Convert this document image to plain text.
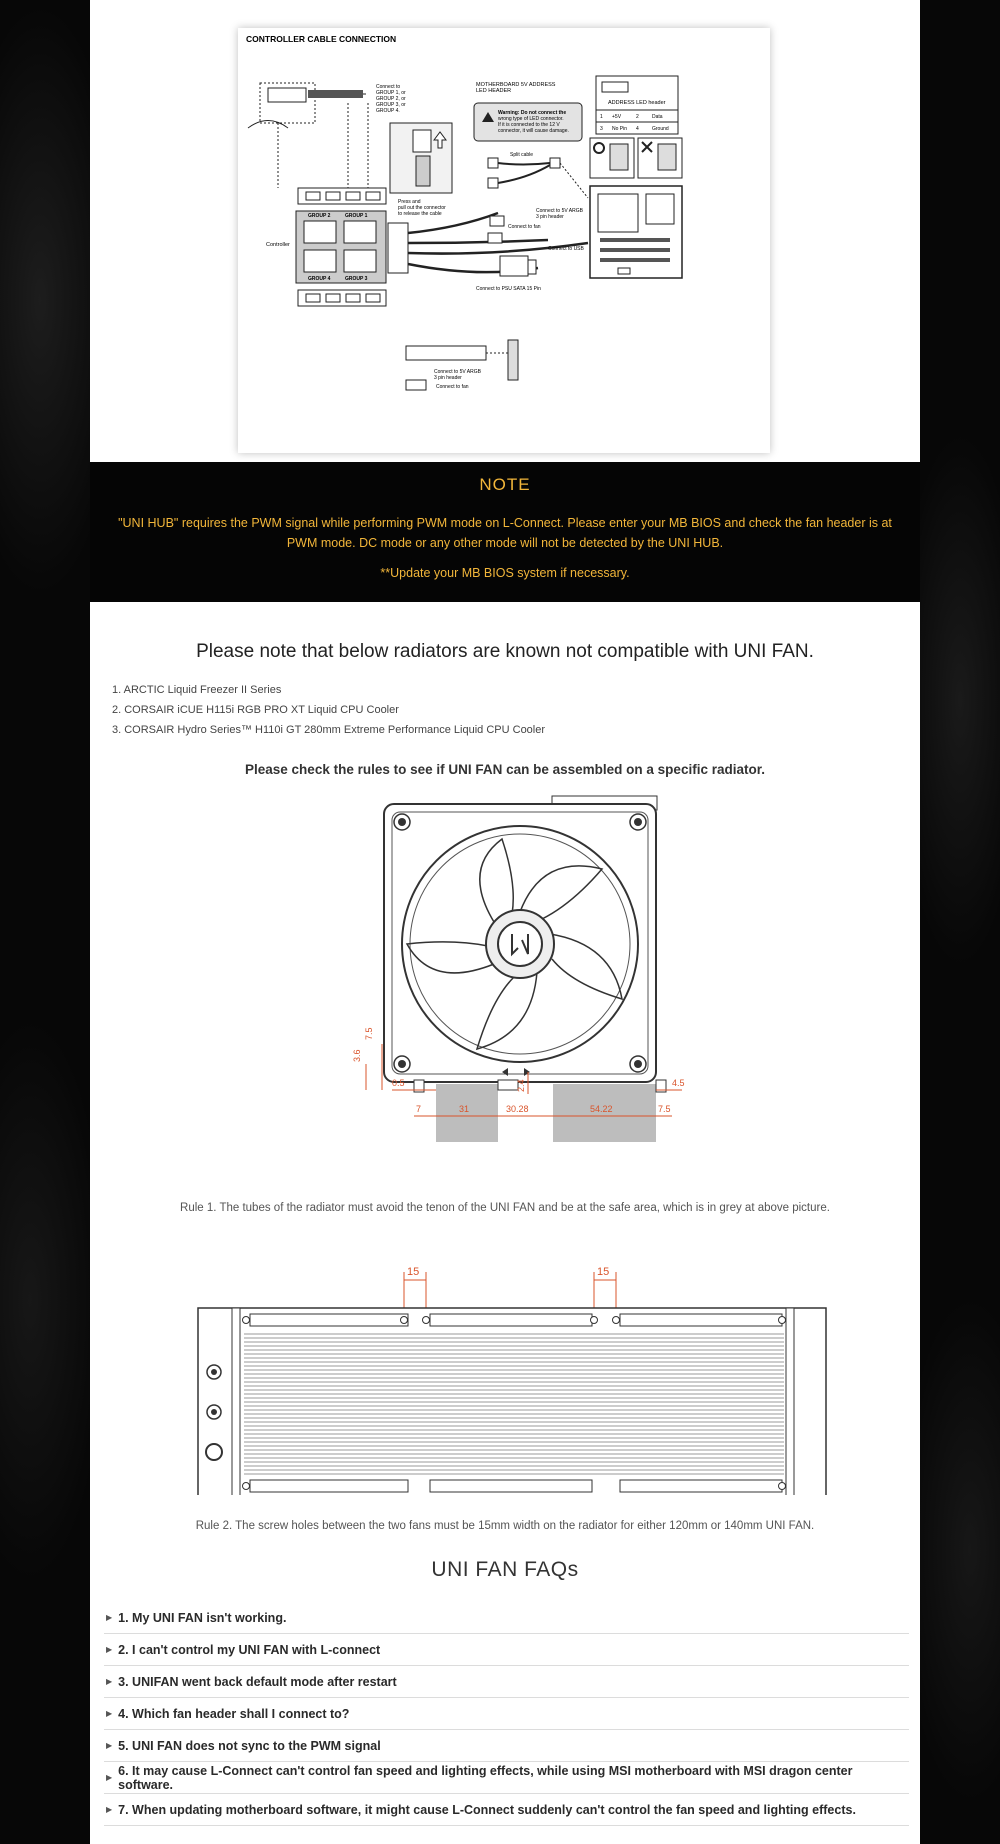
CONTROLLER CABLE CONNECTION
Connect to
GROUP 1, or
GROUP 2, or
GROUP 3, or
GROUP 4.
Press and
pull out the connector
to release the cable
MOTHERBOARD 5V ADDRESS
LED HEADER
Warning: Do not connect the
wrong type of LED connector.
If it is connected to the 12 V
connector, it will cause damage.
ADDRESS LED header
1 +5V	2	Data
3 No Pin 4	Ground
Split cable
Controller
GROUP 2	GROUP 1
GROUP 4	GROUP 3
Connect to 5V ARGB
3 pin header
Connect to fan
Connect to USB
Connect to PSU SATA 15 Pin
Connect to 5V ARGB
3 pin header
Connect to fan
NOTE
"UNI HUB" requires the PWM signal while performing PWM mode on L-Connect. Please enter your MB BIOS and check the fan header is at PWM mode. DC mode or any other mode will not be detected by the UNI HUB.
**Update your MB BIOS system if necessary.
Please note that below radiators are known not compatible with UNI FAN.
1. ARCTIC Liquid Freezer II Series
2. CORSAIR iCUE H115i RGB PRO XT Liquid CPU Cooler
3. CORSAIR Hydro Series™ H110i GT 280mm Extreme Performance Liquid CPU Cooler
Please check the rules to see if UNI FAN can be assembled on a specific radiator.
7.5
3.6
0.5
7	31
2.4
30.28	54.22	7.5
4.5
Rule 1. The tubes of the radiator must avoid the tenon of the UNI FAN and be at the safe area, which is in grey at above picture.
15	15
Rule 2. The screw holes between the two fans must be 15mm width on the radiator for either 120mm or 140mm UNI FAN.
UNI FAN FAQs
▶ 1. My UNI FAN isn't working.
▶ 2. I can't control my UNI FAN with L-connect
▶ 3. UNIFAN went back default mode after restart
▶ 4. Which fan header shall I connect to?
▶ 5. UNI FAN does not sync to the PWM signal
▶ 6. It may cause L-Connect can't control fan speed and lighting effects, while using MSI motherboard with MSI dragon center software.
▶ 7. When updating motherboard software, it might cause L-Connect suddenly can't control the fan speed and lighting effects.
